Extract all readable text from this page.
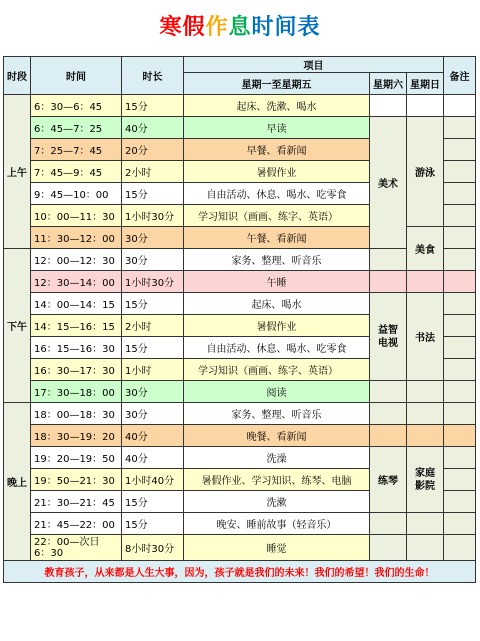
寒假作息时间表
时段	时间	时长	项目			备注
			星期一至星期五	星期六	星期日	
上午	6：30—6：45	15分	起床、洗漱、喝水			
	6：45—7：25	40分	早读	美术	游泳	
	7：25—7：45	20分	早餐、看新闻			
	7：45—9：45	2小时	暑假作业			
	9：45—10：00	15分	自由活动、休息、喝水、吃零食			
	10：00—11：30	1小时30分	学习知识（画画、练字、英语）			
	11：30—12：00	30分	午餐、看新闻		美食	
下午	12：00—12：30	30分	家务、整理、听音乐			
	12：30—14：00	1小时30分	午睡			
	14：00—14：15	15分	起床、喝水	益智电视	书法	
	14：15—16：15	2小时	暑假作业			
	16：15—16：30	15分	自由活动、休息、喝水、吃零食			
	16：30—17：30	1小时	学习知识（画画、练字、英语）			
	17：30—18：00	30分	阅读			
晚上	18：00—18：30	30分	家务、整理、听音乐			
	18：30—19：20	40分	晚餐、看新闻			
	19：20—19：50	40分	洗澡	练琴	家庭影院	
	19：50—21：30	1小时40分	暑假作业、学习知识、练琴、电脑			
	21：30—21：45	15分	洗漱			
	21：45—22：00	15分	晚安、睡前故事（轻音乐）			
	22：00—次日6：30	8小时30分	睡觉			
教育孩子，从来都是人生大事，因为，孩子就是我们的未来！我们的希望！我们的生命！						
